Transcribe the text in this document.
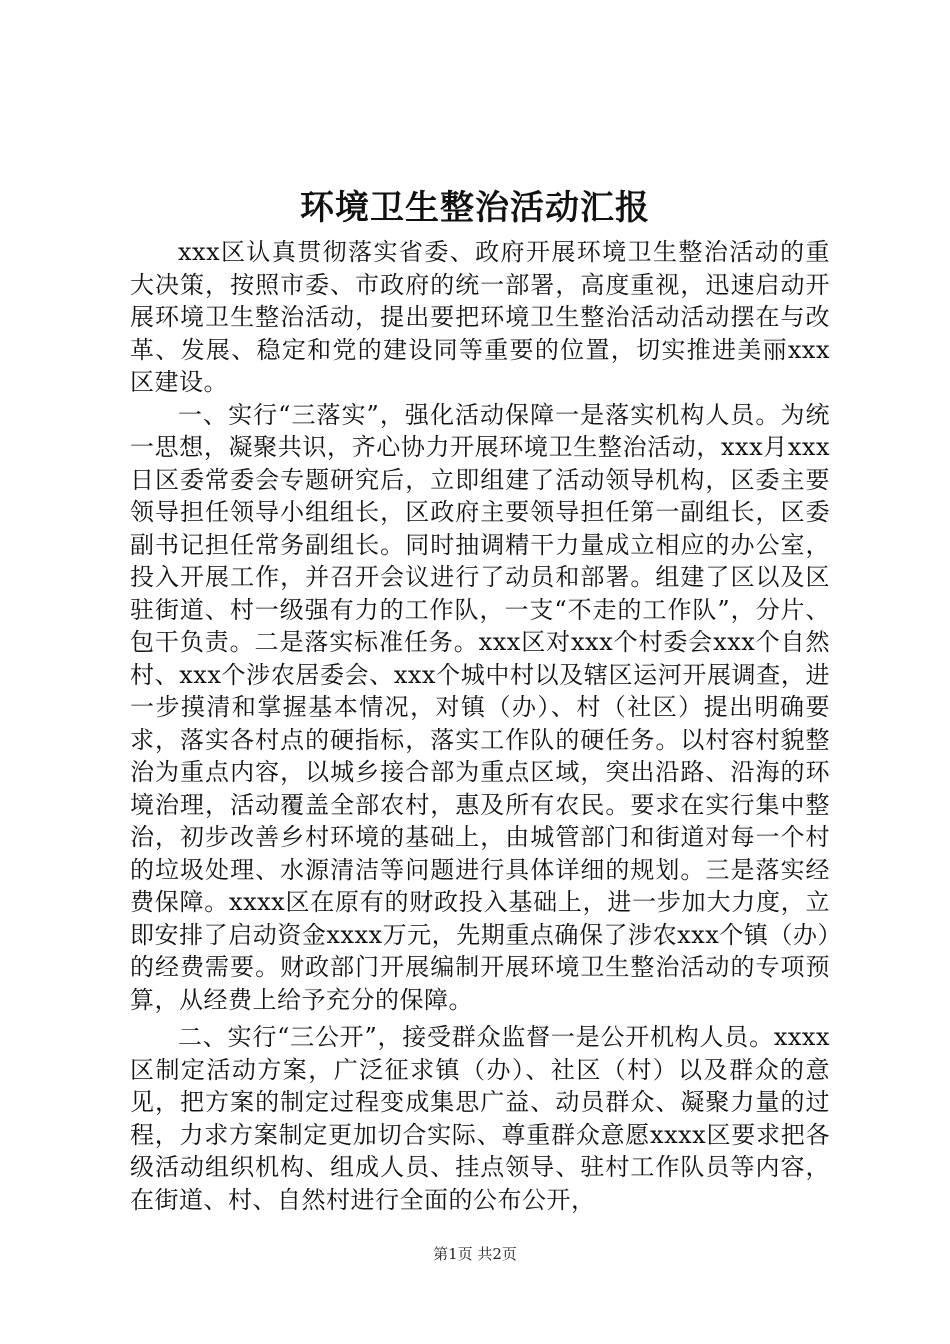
环境卫生整治活动汇报

xxx区认真贯彻落实省委、政府开展环境卫生整治活动的重大决策，按照市委、市政府的统一部署，高度重视，迅速启动开展环境卫生整治活动，提出要把环境卫生整治活动活动摆在与改革、发展、稳定和党的建设同等重要的位置，切实推进美丽xxx区建设。

一、实行“三落实”，强化活动保障一是落实机构人员。为统一思想，凝聚共识，齐心协力开展环境卫生整治活动，xxx月xxx日区委常委会专题研究后，立即组建了活动领导机构，区委主要领导担任领导小组组长，区政府主要领导担任第一副组长，区委副书记担任常务副组长。同时抽调精干力量成立相应的办公室，投入开展工作，并召开会议进行了动员和部署。组建了区以及区驻街道、村一级强有力的工作队，一支“不走的工作队”，分片、包干负责。二是落实标准任务。xxx区对xxx个村委会xxx个自然村、xxx个涉农居委会、xxx个城中村以及辖区运河开展调查，进一步摸清和掌握基本情况，对镇（办）、村（社区）提出明确要求，落实各村点的硬指标，落实工作队的硬任务。以村容村貌整治为重点内容，以城乡接合部为重点区域，突出沿路、沿海的环境治理，活动覆盖全部农村，惠及所有农民。要求在实行集中整治，初步改善乡村环境的基础上，由城管部门和街道对每一个村的垃圾处理、水源清洁等问题进行具体详细的规划。三是落实经费保障。xxxx区在原有的财政投入基础上，进一步加大力度，立即安排了启动资金xxxx万元，先期重点确保了涉农xxx个镇（办）的经费需要。财政部门开展编制开展环境卫生整治活动的专项预算，从经费上给予充分的保障。

二、实行“三公开”，接受群众监督一是公开机构人员。xxxx区制定活动方案，广泛征求镇（办）、社区（村）以及群众的意见，把方案的制定过程变成集思广益、动员群众、凝聚力量的过程，力求方案制定更加切合实际、尊重群众意愿xxxx区要求把各级活动组织机构、组成人员、挂点领导、驻村工作队员等内容，在街道、村、自然村进行全面的公布公开，

第1页 共2页
